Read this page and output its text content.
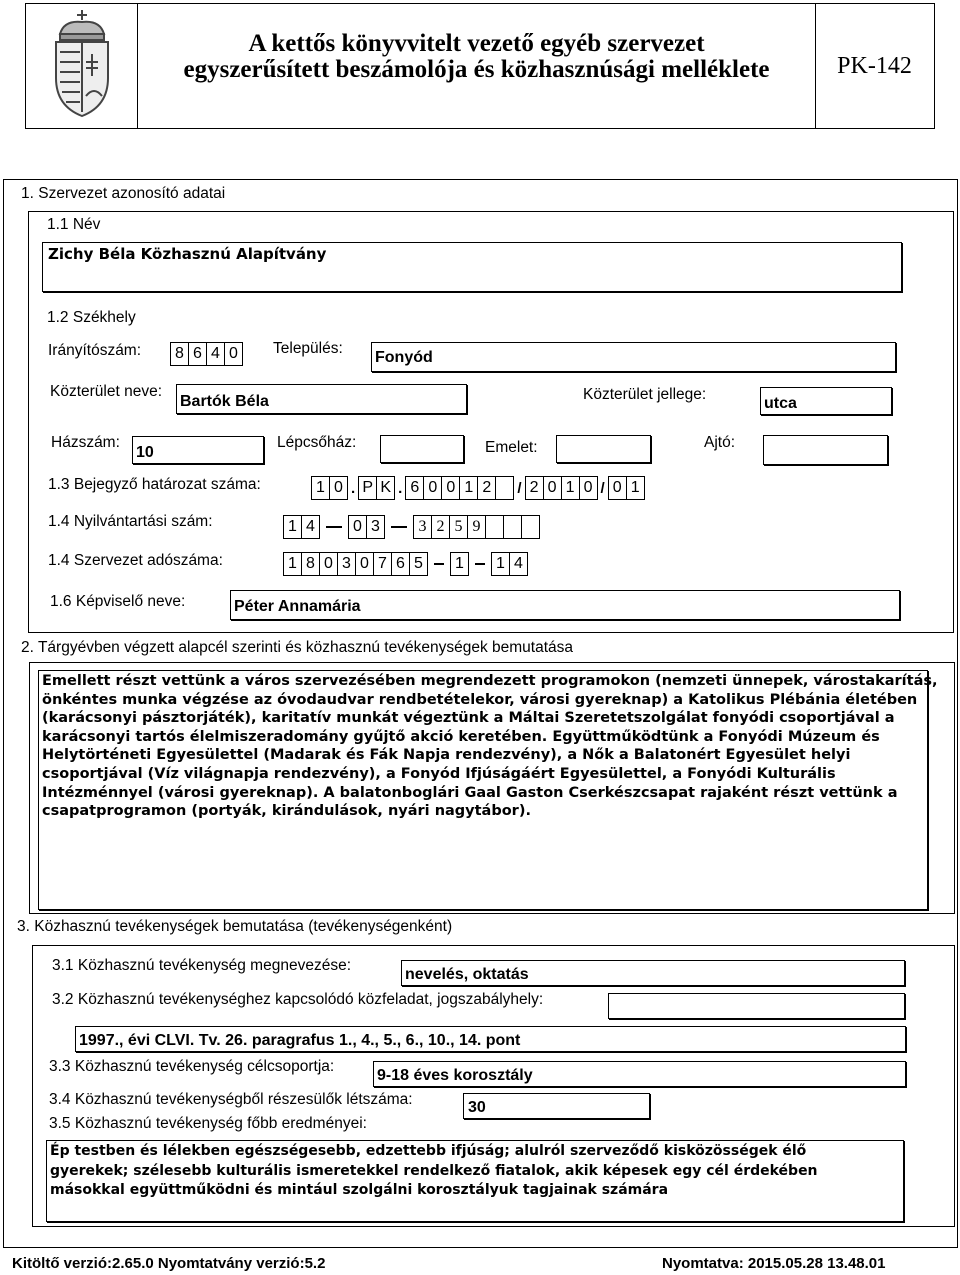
A kettős könyvvitelt vezető egyéb szervezet
egyszerűsített beszámolója és közhasznúsági melléklete	PK-142
1. Szervezet azonosító adatai
1.1 Név
Zichy Béla Közhasznú Alapítvány
1.2 Székhely
Irányítószám:	8 6 4 0	Település:
Fonyód
Közterület neve:
Bartók Béla	Közterület jellege:
utca
Házszám:
10
Lépcsőház:	Emelet:	Ajtó:
1.3 Bejegyző határozat száma:	1 0 . P K . 6 0 0 1 2	/ 2 0 1 0 / 0 1
1.4 Nyilvántartási szám:	1 4	0 3	3 2 5 9
1.4 Szervezet adószáma:	1 8 0 3 0 7 6 5	1	1 4
1.6 Képviselő neve:	Péter Annamária
2. Tárgyévben végzett alapcél szerinti és közhasznú tevékenységek bemutatása
Emellett részt vettünk a város szervezésében megrendezett programokon (nemzeti ünnepek, várostakarítás,
önkéntes munka végzése az óvodaudvar rendbetételekor, városi gyereknap) a Katolikus Plébánia életében
(karácsonyi pásztorjáték), karitatív munkát végeztünk a Máltai Szeretetszolgálat fonyódi csoportjával a
karácsonyi tartós élelmiszeradomány gyűjtő akció keretében. Együttműködtünk a Fonyódi Múzeum és
Helytörténeti Egyesülettel (Madarak és Fák Napja rendezvény), a Nők a Balatonért Egyesület helyi
csoportjával (Víz világnapja rendezvény), a Fonyód Ifjúságáért Egyesülettel, a Fonyódi Kulturális
Intézménnyel (városi gyereknap). A balatonboglári Gaal Gaston Cserkészcsapat rajaként részt vettünk a
csapatprogramon (portyák, kirándulások, nyári nagytábor).
3. Közhasznú tevékenységek bemutatása (tevékenységenként)
3.1 Közhasznú tevékenység megnevezése:
nevelés, oktatás
3.2 Közhasznú tevékenységhez kapcsolódó közfeladat, jogszabályhely:
1997., évi CLVI. Tv. 26. paragrafus 1., 4., 5., 6., 10., 14. pont
3.3 Közhasznú tevékenység célcsoportja:
9-18 éves korosztály
3.4 Közhasznú tevékenységből részesülők létszáma:	30
3.5 Közhasznú tevékenység főbb eredményei:
Ép testben és lélekben egészségesebb, edzettebb ifjúság; alulról szerveződő kisközösségek élő
gyerekek; szélesebb kulturális ismeretekkel rendelkező fiatalok, akik képesek egy cél érdekében
másokkal együttműködni és mintául szolgálni korosztályuk tagjainak számára
Kitöltő verzió:2.65.0 Nyomtatvány verzió:5.2	Nyomtatva: 2015.05.28 13.48.01
